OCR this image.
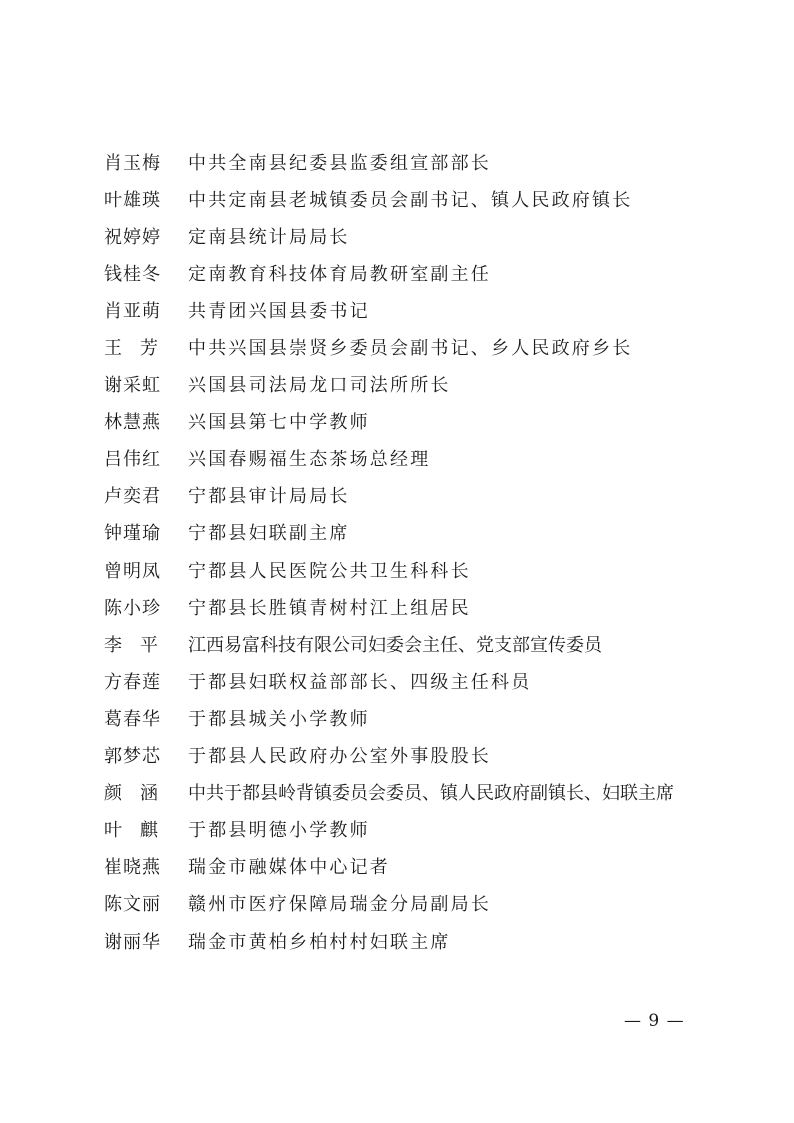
肖玉梅	中共全南县纪委县监委组宣部部长
叶雄瑛	中共定南县老城镇委员会副书记、镇人民政府镇长
祝婷婷	定南县统计局局长
钱桂冬	定南教育科技体育局教研室副主任
肖亚萌	共青团兴国县委书记
王　芳	中共兴国县崇贤乡委员会副书记、乡人民政府乡长
谢采虹	兴国县司法局龙口司法所所长
林慧燕	兴国县第七中学教师
吕伟红	兴国春赐福生态茶场总经理
卢奕君	宁都县审计局局长
钟瑾瑜	宁都县妇联副主席
曾明凤	宁都县人民医院公共卫生科科长
陈小珍	宁都县长胜镇青树村江上组居民
李　平	江西易富科技有限公司妇委会主任、党支部宣传委员
方春莲	于都县妇联权益部部长、四级主任科员
葛春华	于都县城关小学教师
郭梦芯	于都县人民政府办公室外事股股长
颜　涵	中共于都县岭背镇委员会委员、镇人民政府副镇长、妇联主席
叶　麒	于都县明德小学教师
崔晓燕	瑞金市融媒体中心记者
陈文丽	赣州市医疗保障局瑞金分局副局长
谢丽华	瑞金市黄柏乡柏村村妇联主席
— 9 —
